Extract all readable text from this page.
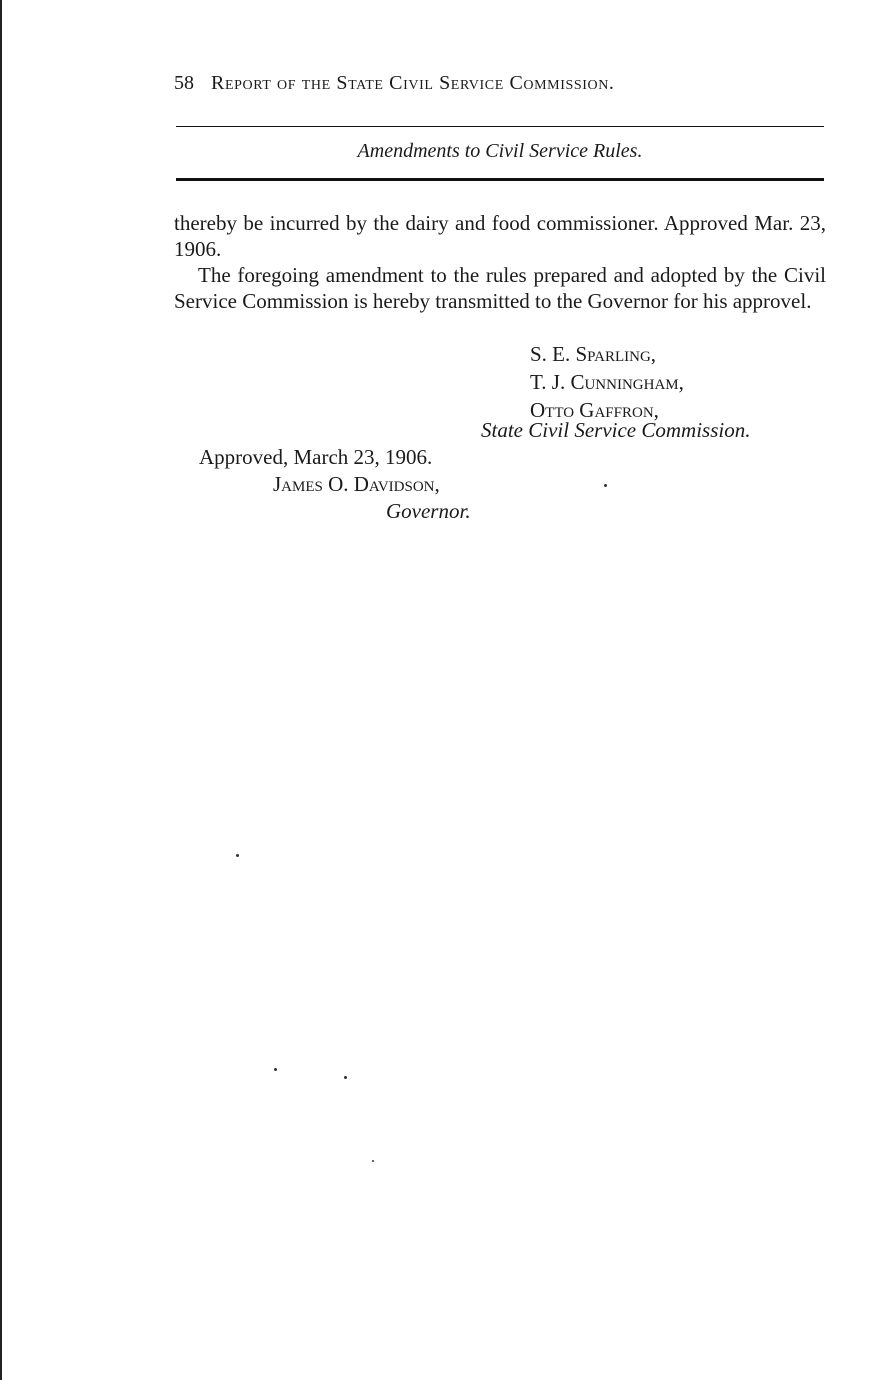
58 Report of the State Civil Service Commission.
Amendments to Civil Service Rules.

thereby be incurred by the dairy and food commissioner. Approved Mar. 23, 1906.

The foregoing amendment to the rules prepared and adopted by the Civil Service Commission is hereby transmitted to the Governor for his approvel.

S. E. Sparling,
T. J. Cunningham,
Otto Gaffron,
State Civil Service Commission.
Approved, March 23, 1906.
James O. Davidson,
Governor.
